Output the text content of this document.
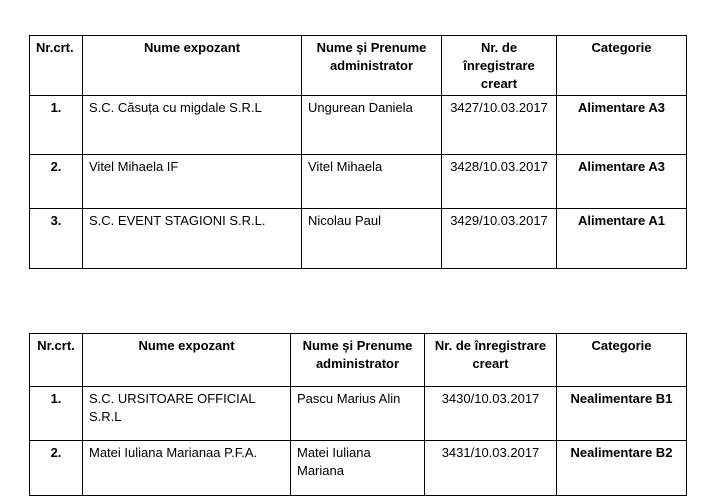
Nr.crt.	Nume expozant	Nume și Prenume administrator	Nr. de înregistrare creart	Categorie
1.	S.C. Căsuța cu migdale S.R.L	Ungurean Daniela	3427/10.03.2017	Alimentare A3
2.	Vitel Mihaela IF	Vitel Mihaela	3428/10.03.2017	Alimentare A3
3.	S.C. EVENT STAGIONI S.R.L.	Nicolau Paul	3429/10.03.2017	Alimentare A1
Nr.crt.	Nume expozant	Nume și Prenume administrator	Nr. de înregistrare creart	Categorie
1.	S.C. URSITOARE OFFICIAL S.R.L	Pascu Marius Alin	3430/10.03.2017	Nealimentare B1
2.	Matei Iuliana Marianaa P.F.A.	Matei Iuliana Mariana	3431/10.03.2017	Nealimentare B2
